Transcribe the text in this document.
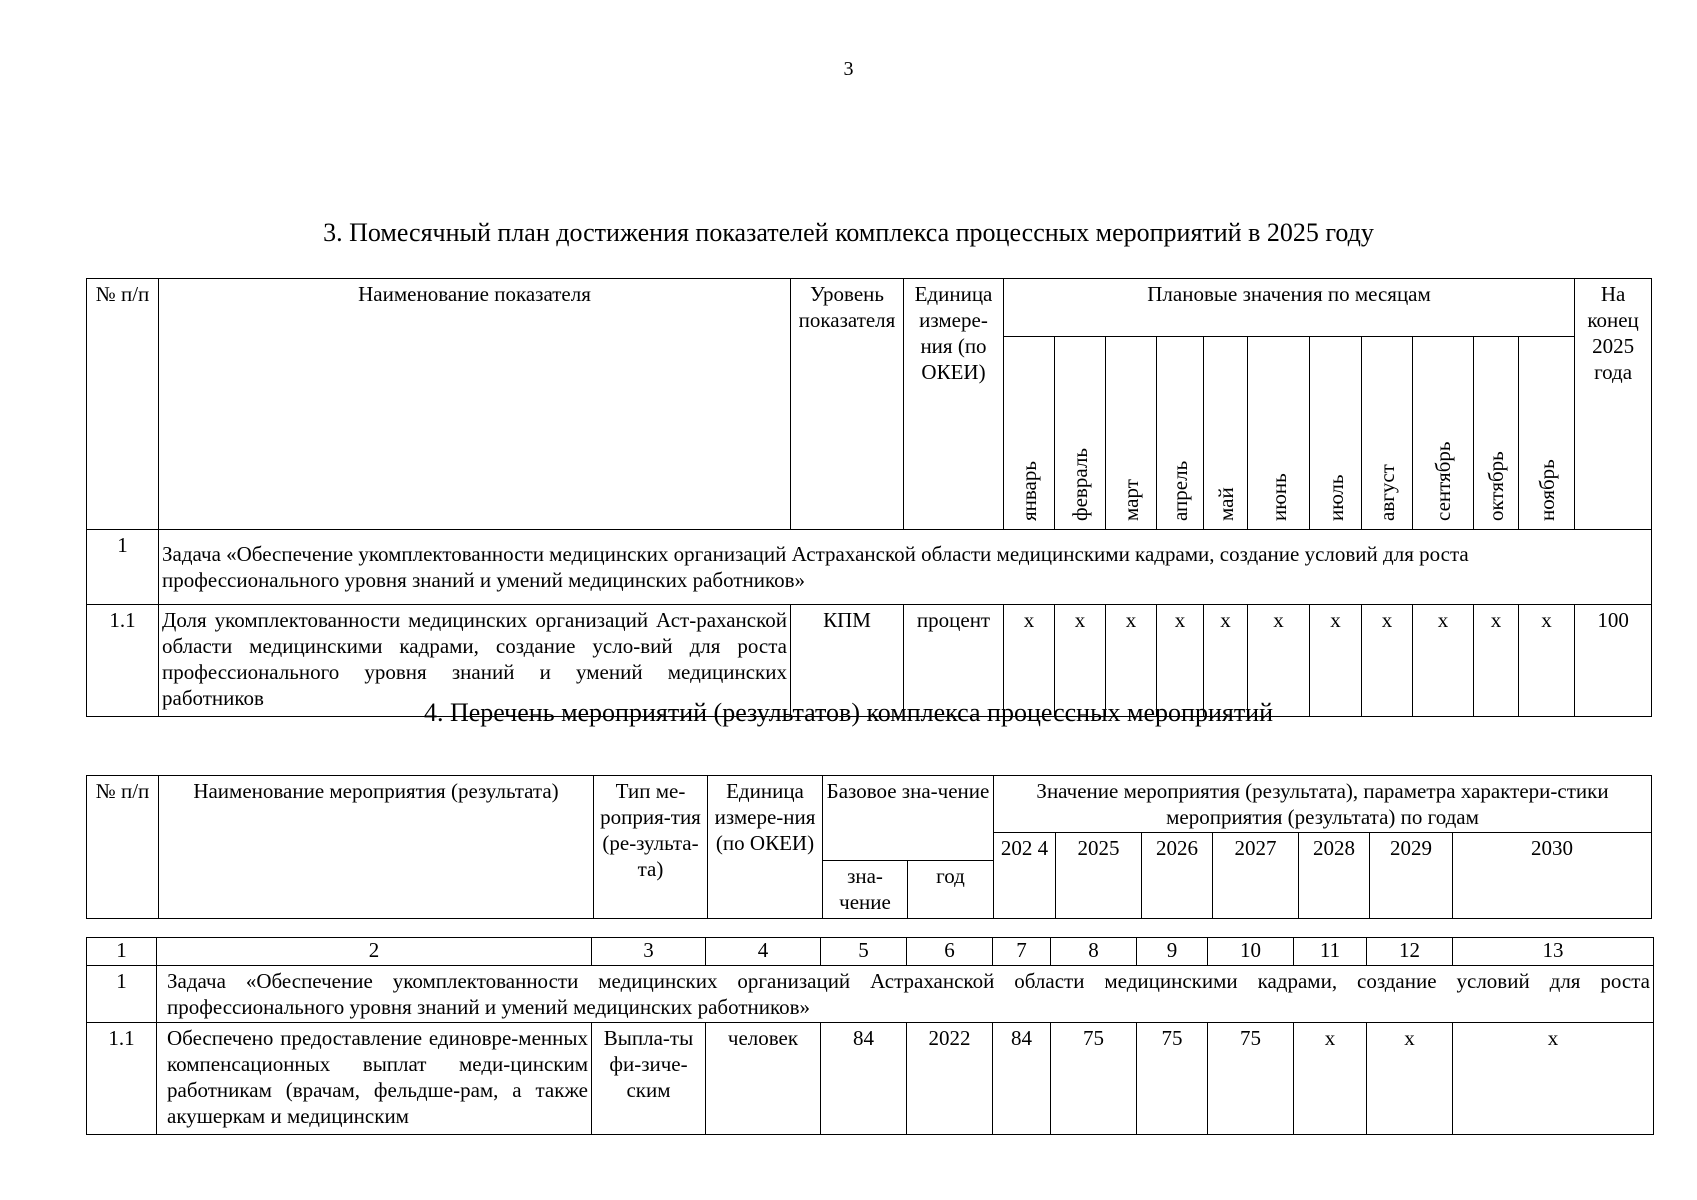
3
3. Помесячный план достижения показателей комплекса процессных мероприятий в 2025 году
№ п/п	Наименование показателя	Уровень показателя	Единица измере-ния (по ОКЕИ)	Плановые значения по месяцам											На конец 2025 года

				январь	февраль	март	апрель	май	июнь	июль	август	сентябрь	октябрь	ноябрь	

1	Задача «Обеспечение укомплектованности медицинских организаций Астраханской области медицинскими кадрами, создание условий для роста профессионального уровня знаний и умений медицинских работников»														
1.1	Доля укомплектованности медицинских организаций Аст-раханской области медицинскими кадрами, создание усло-вий для роста профессионального уровня знаний и умений медицинских работников	КПМ	процент	x	x	x	x	x	x	x	x	x	x	x	100
4. Перечень мероприятий (результатов) комплекса процессных мероприятий
№ п/п	Наименование мероприятия (результата)	Тип ме-роприя-тия (ре-зульта-та)	Единица измере-ния (по ОКЕИ)	Базовое зна-чение		Значение мероприятия (результата), параметра характери-стики мероприятия (результата) по годам						
						202 4	2025	2026	2027	2028	2029	2030
				зна-чение	год							
1	2	3	4	5	6	7	8	9	10	11	12	13
1	Задача «Обеспечение укомплектованности медицинских организаций Астраханской области медицинскими кадрами, создание условий для роста профессионального уровня знаний и умений медицинских работников»											
1.1	Обеспечено предоставление единовре-менных компенсационных выплат меди-цинским работникам (врачам, фельдше-рам, а также акушеркам и медицинским	Выпла-ты фи-зиче-ским	человек	84	2022	84	75	75	75	x	x	x
